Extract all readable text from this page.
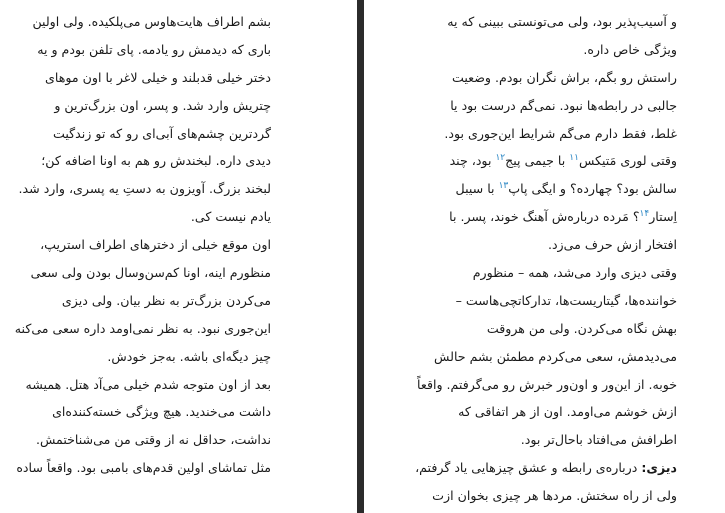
بشم اطراف هایت‌هاوس می‌پلکیده. ولی اولین
باری که دیدمش رو یادمه. پای تلفن بودم و یه
دختر خیلی قدبلند و خیلی لاغر با اون موهای
چتریش وارد شد. و پسر، اون بزرگ‌ترین و
گردترین چشم‌های آبی‌ای رو که تو زندگیت
دیدی داره. لبخندش رو هم به اونا اضافه کن؛
لبخند بزرگ. آویزون به دستِ یه پسری، وارد شد.
یادم نیست کی.
اون موقع خیلی از دخترهای اطراف استریپ،
منظورم اینه، اونا کم‌سن‌وسال بودن ولی سعی
می‌کردن بزرگ‌تر به نظر بیان. ولی دیزی
این‌جوری نبود. به نظر نمی‌اومد داره سعی می‌کنه
چیز دیگه‌ای باشه. به‌جز خودش.
بعد از اون متوجه شدم خیلی می‌آد هتل. همیشه
داشت می‌خندید. هیچ ویژگی خسته‌کننده‌ای
نداشت، حداقل نه از وقتی من می‌شناختمش.
مثل تماشای اولین قدم‌های بامبی بود. واقعاً ساده
و آسیب‌پذیر بود، ولی می‌تونستی ببینی که یه
ویژگی خاص داره.
راستش رو بگم، براش نگران بودم. وضعیت
جالبی در رابطه‌ها نبود. نمی‌گم درست بود یا
غلط، فقط دارم می‌گم شرایط این‌جوری بود.
وقتی لوری مَتیکس$^{۱۱}$ با جیمی پیج$^{۱۲}$ بود، چند
سالش بود؟ چهارده؟ و ایگی پاپ$^{۱۳}$ با سیبل
اِستار$^{۱۴}$؟ مَرده درباره‌ش آهنگ خوند، پسر. با
افتخار ازش حرف می‌زد.
وقتی دیزی وارد می‌شد، همه – منظورم
خواننده‌ها، گیتاریست‌ها، تدارکاتچی‌هاست –
بهش نگاه می‌کردن. ولی من هروقت
می‌دیدمش، سعی می‌کردم مطمئن بشم حالش
خوبه. از این‌ور و اون‌ور خبرش رو می‌گرفتم. واقعاً
ازش خوشم می‌اومد. اون از هر اتفاقی که
اطرافش می‌افتاد باحال‌تر بود.
دیزی: درباره‌ی رابطه و عشق چیزهایی یاد گرفتم،
ولی از راه سختش. مردها هر چیزی بخوان ازت
